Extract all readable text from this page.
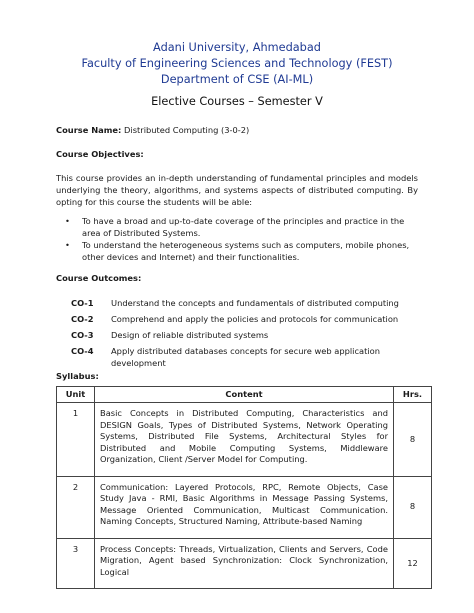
Adani University, Ahmedabad
Faculty of Engineering Sciences and Technology (FEST)
Department of CSE (AI-ML)
Elective Courses – Semester V
Course Name: Distributed Computing (3-0-2)
Course Objectives:
This course provides an in-depth understanding of fundamental principles and models underlying the theory, algorithms, and systems aspects of distributed computing. By opting for this course the students will be able:
• To have a broad and up-to-date coverage of the principles and practice in the area of Distributed Systems.
• To understand the heterogeneous systems such as computers, mobile phones, other devices and Internet) and their functionalities.
Course Outcomes:
CO-1 Understand the concepts and fundamentals of distributed computing
CO-2 Comprehend and apply the policies and protocols for communication
CO-3 Design of reliable distributed systems
CO-4 Apply distributed databases concepts for secure web application development
Syllabus:
Unit	Content	Hrs.
1	Basic Concepts in Distributed Computing, Characteristics and DESIGN Goals, Types of Distributed Systems, Network Operating Systems, Distributed File Systems, Architectural Styles for Distributed and Mobile Computing Systems, Middleware Organization, Client /Server Model for Computing.	8
2	Communication: Layered Protocols, RPC, Remote Objects, Case Study Java - RMI, Basic Algorithms in Message Passing Systems, Message Oriented Communication, Multicast Communication. Naming Concepts, Structured Naming, Attribute-based Naming	8
3	Process Concepts: Threads, Virtualization, Clients and Servers, Code Migration, Agent based Synchronization: Clock Synchronization, Logical	12
